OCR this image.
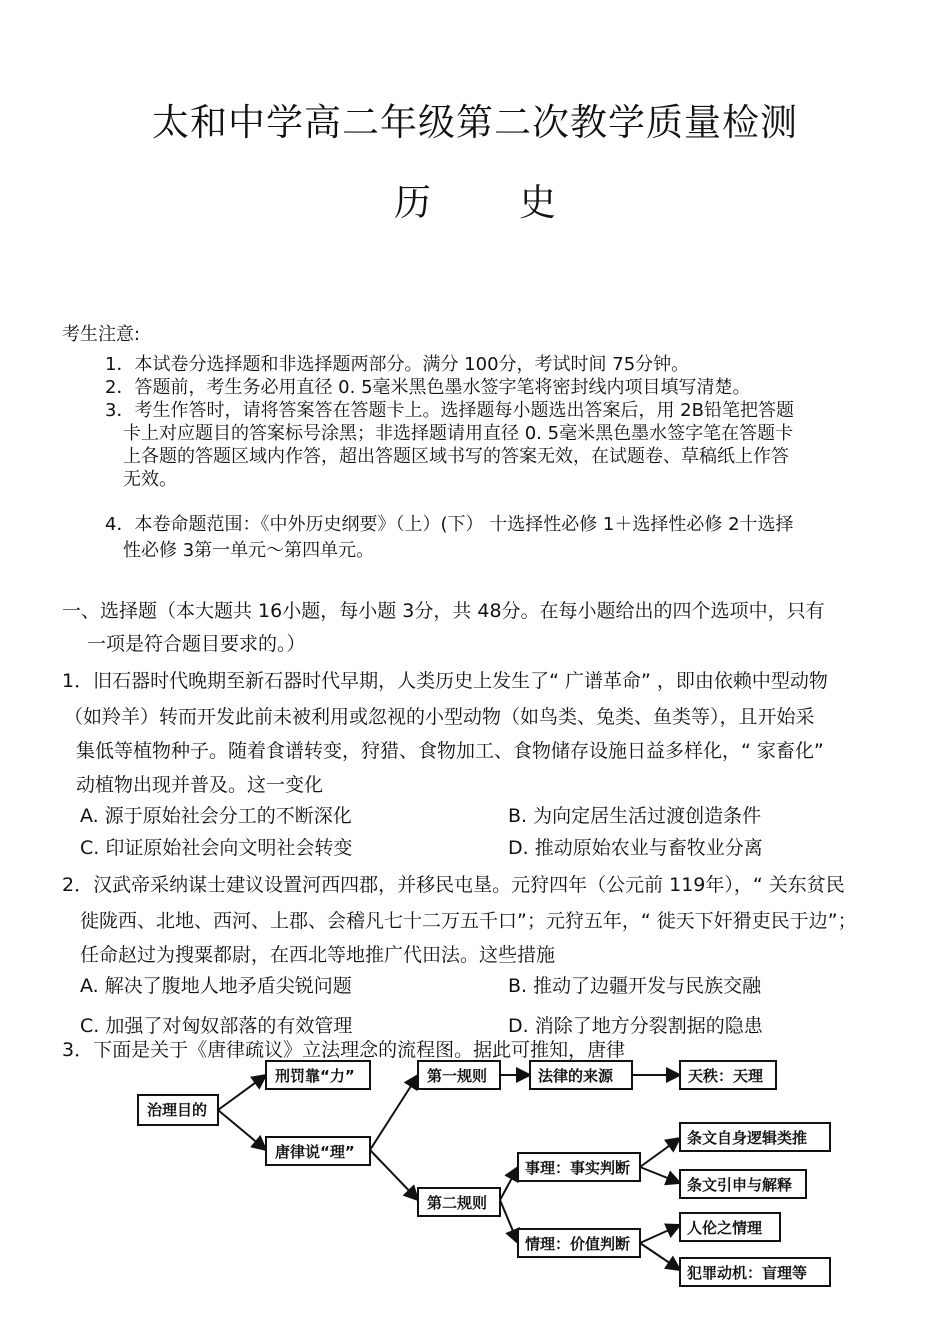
太和中学高二年级第二次教学质量检测
历 史
考生注意:
1．本试卷分选择题和非选择题两部分。满分 100分，考试时间 75分钟。
2．答题前，考生务必用直径 0. 5毫米黑色墨水签字笔将密封线内项目填写清楚。
3．考生作答时，请将答案答在答题卡上。选择题每小题选出答案后，用 2B铅笔把答题
卡上对应题目的答案标号涂黑；非选择题请用直径 0. 5毫米黑色墨水签字笔在答题卡
上各题的答题区域内作答，超出答题区域书写的答案无效，在试题卷、草稿纸上作答
无效。
4．本卷命题范围：《中外历史纲要》（上）(下） 十选择性必修 1＋选择性必修 2十选择
性必修 3第一单元～第四单元。
一、选择题（本大题共 16小题，每小题 3分，共 48分。在每小题给出的四个选项中，只有
一项是符合题目要求的。）
1．旧石器时代晚期至新石器时代早期，人类历史上发生了“ 广谱革命” ，即由依赖中型动物
（如羚羊）转而开发此前未被利用或忽视的小型动物（如鸟类、兔类、鱼类等），且开始采
集低等植物种子。随着食谱转变，狩猎、食物加工、食物储存设施日益多样化，“ 家畜化”
动植物出现并普及。这一变化
A. 源于原始社会分工的不断深化	B. 为向定居生活过渡创造条件
C. 印证原始社会向文明社会转变	D. 推动原始农业与畜牧业分离
2．汉武帝采纳谋士建议设置河西四郡，并移民屯垦。元狩四年（公元前 119年），“ 关东贫民
徙陇西、北地、西河、上郡、会稽凡七十二万五千口”；元狩五年，“ 徙天下奸猾吏民于边”；
任命赵过为搜粟都尉，在西北等地推广代田法。这些措施
A. 解决了腹地人地矛盾尖锐问题	B. 推动了边疆开发与民族交融
C. 加强了对匈奴部落的有效管理	D. 消除了地方分裂割据的隐患
3．下面是关于《唐律疏议》立法理念的流程图。据此可推知，唐律
治理目的
刑罚靠“力”
唐律说“理”
第一规则
第二规则
法律的来源	天秩：天理
事理：事实判断
情理：价值判断
条文自身逻辑类推
条文引申与解释
人伦之情理
犯罪动机：盲理等
